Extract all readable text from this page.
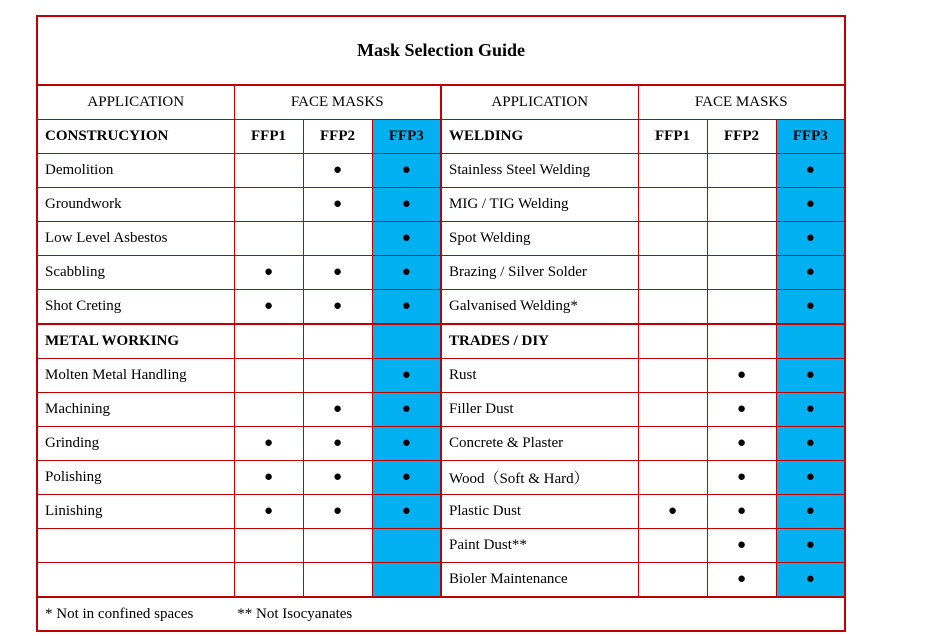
Mask Selection Guide							
APPLICATION	FACE MASKS			APPLICATION	FACE MASKS		
CONSTRUCYION	FFP1	FFP2	FFP3	WELDING	FFP1	FFP2	FFP3
Demolition		●	●	Stainless Steel Welding			●
Groundwork		●	●	MIG / TIG Welding			●
Low Level Asbestos			●	Spot Welding			●
Scabbling	●	●	●	Brazing / Silver Solder			●
Shot Creting	●	●	●	Galvanised Welding*			●
METAL WORKING				TRADES / DIY			
Molten Metal Handling			●	Rust		●	●
Machining		●	●	Filler Dust		●	●
Grinding	●	●	●	Concrete & Plaster		●	●
Polishing	●	●	●	Wood（Soft & Hard）		●	●
Linishing	●	●	●	Plastic Dust	●	●	●
				Paint Dust**		●	●
				Bioler Maintenance		●	●
* Not in confined spaces ** Not Isocyanates							
